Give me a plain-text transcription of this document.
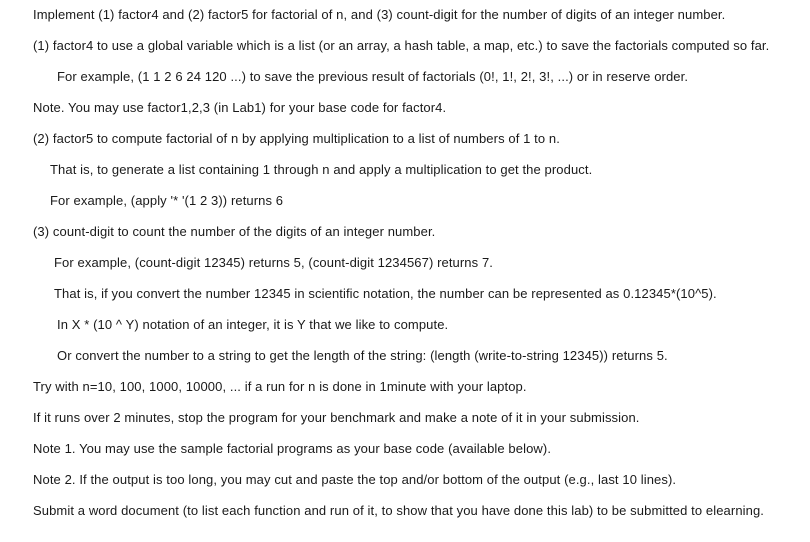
Implement (1) factor4 and (2) factor5 for factorial of n, and (3) count-digit for the number of digits of an integer number.
(1) factor4 to use a global variable which is a list (or an array, a hash table, a map, etc.) to save the factorials computed so far.
For example, (1 1 2 6 24 120 ...) to save the previous result of factorials (0!, 1!, 2!, 3!, ...) or in reserve order.
Note. You may use factor1,2,3 (in Lab1) for your base code for factor4.
(2) factor5 to compute factorial of n by applying multiplication to a list of numbers of 1 to n.
That is, to generate a list containing 1 through n and apply a multiplication to get the product.
For example, (apply '* '(1 2 3)) returns 6
(3) count-digit to count the number of the digits of an integer number.
For example, (count-digit 12345) returns 5, (count-digit 1234567) returns 7.
That is, if you convert the number 12345 in scientific notation, the number can be represented as 0.12345*(10^5).
In X * (10 ^ Y) notation of an integer, it is Y that we like to compute.
Or convert the number to a string to get the length of the string: (length (write-to-string 12345)) returns 5.
Try with n=10, 100, 1000, 10000, ... if a run for n is done in 1minute with your laptop.
If it runs over 2 minutes, stop the program for your benchmark and make a note of it in your submission.
Note 1. You may use the sample factorial programs as your base code (available below).
Note 2. If the output is too long, you may cut and paste the top and/or bottom of the output (e.g., last 10 lines).
Submit a word document (to list each function and run of it, to show that you have done this lab) to be submitted to elearning.
